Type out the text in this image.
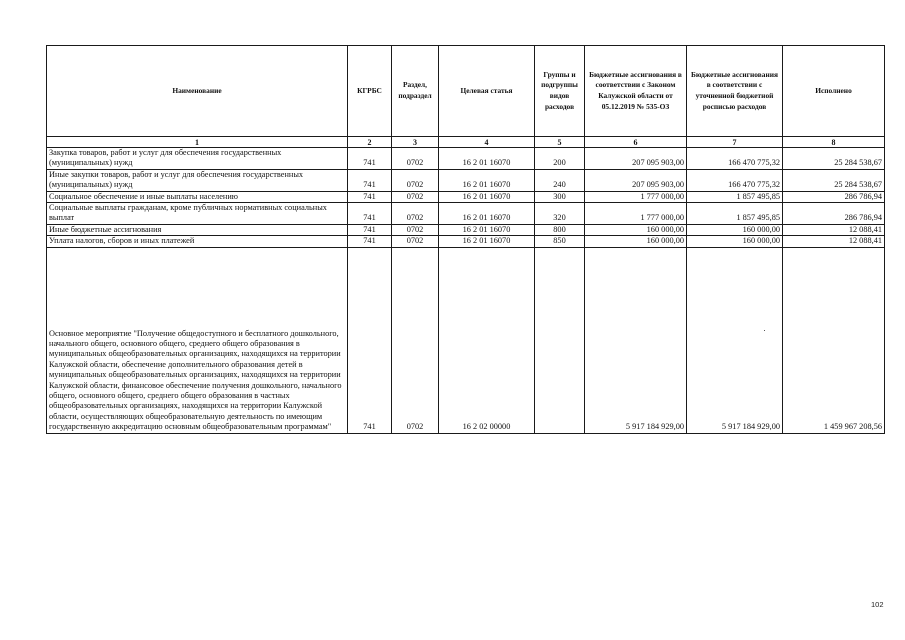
Наименование	КГРБС	Раздел, подраздел	Целевая статья	Группы и подгруппы видов расходов	Бюджетные ассигнования в соответствии с Законом Калужской области от 05.12.2019 № 535-ОЗ	Бюджетные ассигнования в соответствии с уточненной бюджетной росписью расходов	Исполнено
1	2	3	4	5	6	7	8
Закупка товаров, работ и услуг для обеспечения государственных (муниципальных) нужд	741	0702	16 2 01 16070	200	207 095 903,00	166 470 775,32	25 284 538,67
Иные закупки товаров, работ и услуг для обеспечения государственных (муниципальных) нужд	741	0702	16 2 01 16070	240	207 095 903,00	166 470 775,32	25 284 538,67
Социальное обеспечение и иные выплаты населению	741	0702	16 2 01 16070	300	1 777 000,00	1 857 495,85	286 786,94
Социальные выплаты гражданам, кроме публичных нормативных социальных выплат	741	0702	16 2 01 16070	320	1 777 000,00	1 857 495,85	286 786,94
Иные бюджетные ассигнования	741	0702	16 2 01 16070	800	160 000,00	160 000,00	12 088,41
Уплата налогов, сборов и иных платежей	741	0702	16 2 01 16070	850	160 000,00	160 000,00	12 088,41
Основное мероприятие "Получение общедоступного и бесплатного дошкольного, начального общего, основного общего, среднего общего образования в муниципальных общеобразовательных организациях, находящихся на территории Калужской области, обеспечение дополнительного образования детей в муниципальных общеобразовательных организациях, находящихся на территории Калужской области, финансовое обеспечение получения дошкольного, начального общего, основного общего, среднего общего образования в частных общеобразовательных организациях, находящихся на территории Калужской области, осуществляющих общеобразовательную деятельность по имеющим государственную аккредитацию основным общеобразовательным программам"	741	0702	16 2 02 00000		5 917 184 929,00	5 917 184 929,00	1 459 967 208,56
102
